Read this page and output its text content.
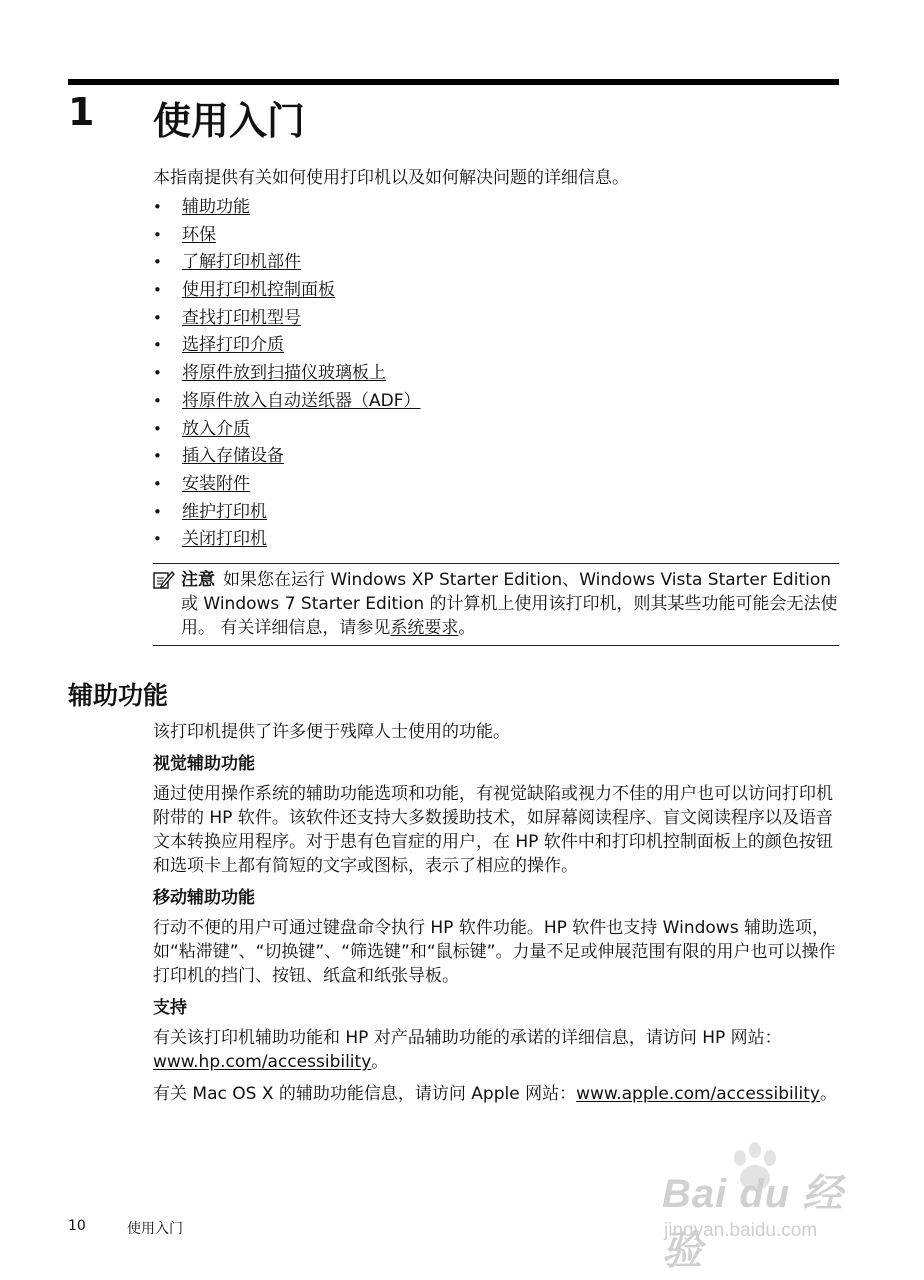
1 使用入门

本指南提供有关如何使用打印机以及如何解决问题的详细信息。

• 辅助功能
• 环保
• 了解打印机部件
• 使用打印机控制面板
• 查找打印机型号
• 选择打印介质
• 将原件放到扫描仪玻璃板上
• 将原件放入自动送纸器（ADF）
• 放入介质
• 插入存储设备
• 安装附件
• 维护打印机
• 关闭打印机

注意 如果您在运行 Windows XP Starter Edition、Windows Vista Starter Edition 或 Windows 7 Starter Edition 的计算机上使用该打印机，则其某些功能可能会无法使用。 有关详细信息，请参见系统要求。

辅助功能

该打印机提供了许多便于残障人士使用的功能。

视觉辅助功能

通过使用操作系统的辅助功能选项和功能，有视觉缺陷或视力不佳的用户也可以访问打印机附带的 HP 软件。该软件还支持大多数援助技术，如屏幕阅读程序、盲文阅读程序以及语音文本转换应用程序。对于患有色盲症的用户，在 HP 软件中和打印机控制面板上的颜色按钮和选项卡上都有简短的文字或图标，表示了相应的操作。

移动辅助功能

行动不便的用户可通过键盘命令执行 HP 软件功能。HP 软件也支持 Windows 辅助选项，如“粘滞键”、“切换键”、“筛选键”和“鼠标键”。力量不足或伸展范围有限的用户也可以操作打印机的挡门、按钮、纸盒和纸张导板。

支持

有关该打印机辅助功能和 HP 对产品辅助功能的承诺的详细信息，请访问 HP 网站：www.hp.com/accessibility。

有关 Mac OS X 的辅助功能信息，请访问 Apple 网站：www.apple.com/accessibility。

Bai du 经验
jingyan.baidu.com
10	使用入门
